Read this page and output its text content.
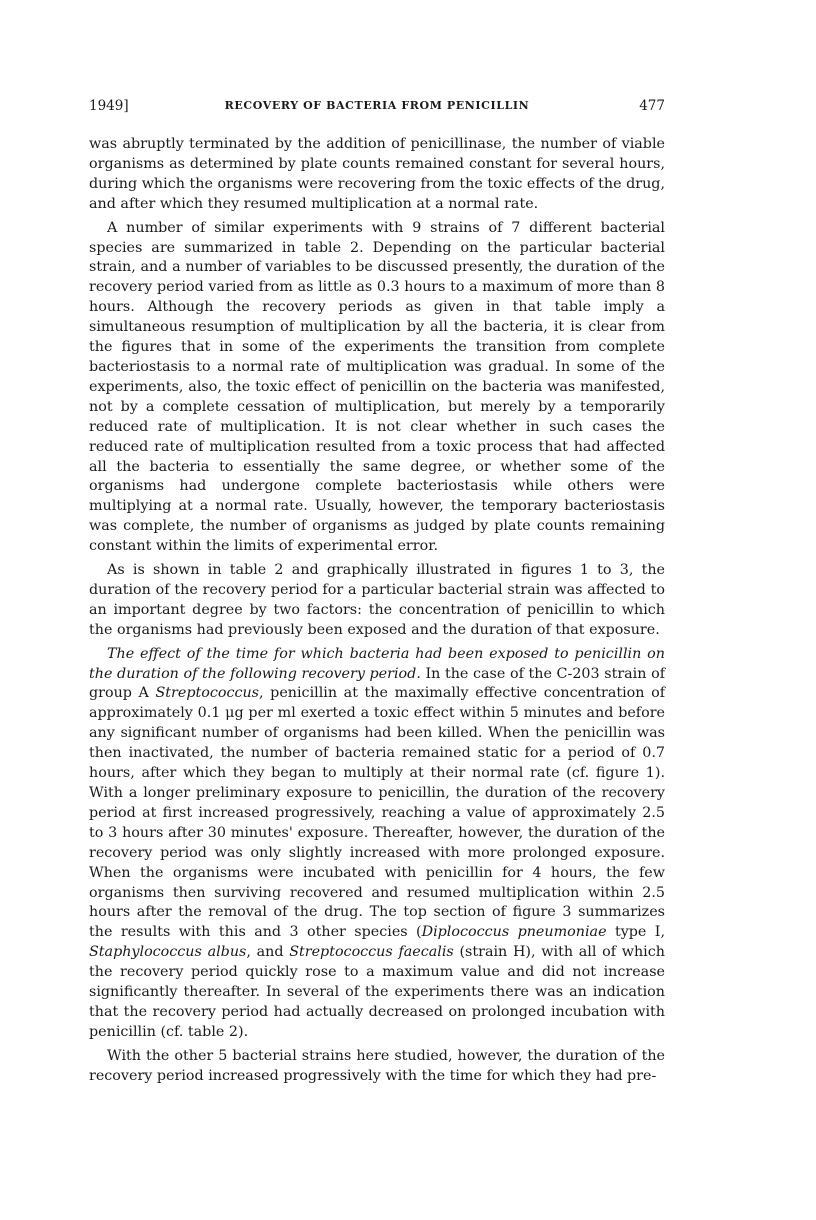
1949]	RECOVERY OF BACTERIA FROM PENICILLIN	477

was abruptly terminated by the addition of penicillinase, the number of viable organisms as determined by plate counts remained constant for several hours, during which the organisms were recovering from the toxic effects of the drug, and after which they resumed multiplication at a normal rate.

A number of similar experiments with 9 strains of 7 different bacterial species are summarized in table 2. Depending on the particular bacterial strain, and a number of variables to be discussed presently, the duration of the recovery period varied from as little as 0.3 hours to a maximum of more than 8 hours. Although the recovery periods as given in that table imply a simultaneous resumption of multiplication by all the bacteria, it is clear from the figures that in some of the experiments the transition from complete bacteriostasis to a normal rate of multiplication was gradual. In some of the experiments, also, the toxic effect of penicillin on the bacteria was manifested, not by a complete cessation of multiplication, but merely by a temporarily reduced rate of multiplication. It is not clear whether in such cases the reduced rate of multiplication resulted from a toxic process that had affected all the bacteria to essentially the same degree, or whether some of the organisms had undergone complete bacteriostasis while others were multiplying at a normal rate. Usually, however, the temporary bacteriostasis was complete, the number of organisms as judged by plate counts remaining constant within the limits of experimental error.

As is shown in table 2 and graphically illustrated in figures 1 to 3, the duration of the recovery period for a particular bacterial strain was affected to an important degree by two factors: the concentration of penicillin to which the organisms had previously been exposed and the duration of that exposure.

The effect of the time for which bacteria had been exposed to penicillin on the duration of the following recovery period. In the case of the C-203 strain of group A Streptococcus, penicillin at the maximally effective concentration of approximately 0.1 μg per ml exerted a toxic effect within 5 minutes and before any significant number of organisms had been killed. When the penicillin was then inactivated, the number of bacteria remained static for a period of 0.7 hours, after which they began to multiply at their normal rate (cf. figure 1). With a longer preliminary exposure to penicillin, the duration of the recovery period at first increased progressively, reaching a value of approximately 2.5 to 3 hours after 30 minutes' exposure. Thereafter, however, the duration of the recovery period was only slightly increased with more prolonged exposure. When the organisms were incubated with penicillin for 4 hours, the few organisms then surviving recovered and resumed multiplication within 2.5 hours after the removal of the drug. The top section of figure 3 summarizes the results with this and 3 other species (Diplococcus pneumoniae type I, Staphylococcus albus, and Streptococcus faecalis (strain H), with all of which the recovery period quickly rose to a maximum value and did not increase significantly thereafter. In several of the experiments there was an indication that the recovery period had actually decreased on prolonged incubation with penicillin (cf. table 2).

With the other 5 bacterial strains here studied, however, the duration of the recovery period increased progressively with the time for which they had pre-
